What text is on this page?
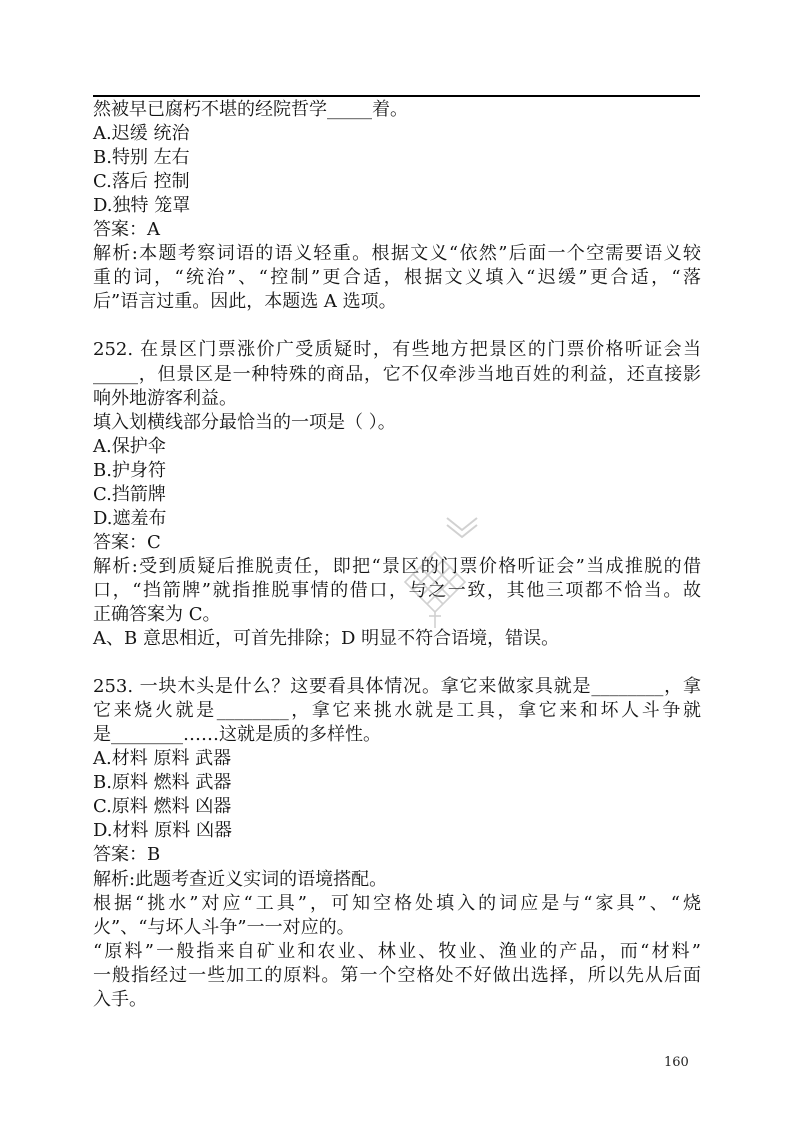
然被早已腐朽不堪的经院哲学_____着。
A.迟缓 统治
B.特别 左右
C.落后 控制
D.独特 笼罩
答案：A
解析:本题考察词语的语义轻重。根据文义“依然”后面一个空需要语义较
重的词，“统治”、“控制”更合适，根据文义填入“迟缓”更合适，“落
后”语言过重。因此，本题选 A 选项。
252. 在景区门票涨价广受质疑时，有些地方把景区的门票价格听证会当
_____，但景区是一种特殊的商品，它不仅牵涉当地百姓的利益，还直接影
响外地游客利益。
填入划横线部分最恰当的一项是（ ）。
A.保护伞
B.护身符
C.挡箭牌
D.遮羞布
答案：C
解析:受到质疑后推脱责任，即把“景区的门票价格听证会”当成推脱的借
口，“挡箭牌”就指推脱事情的借口，与之一致，其他三项都不恰当。故
正确答案为 C。
A、B 意思相近，可首先排除；D 明显不符合语境，错误。
253. 一块木头是什么？这要看具体情况。拿它来做家具就是________，拿
它来烧火就是________，拿它来挑水就是工具，拿它来和坏人斗争就
是________……这就是质的多样性。
A.材料 原料 武器
B.原料 燃料 武器
C.原料 燃料 凶器
D.材料 原料 凶器
答案：B
解析:此题考查近义实词的语境搭配。
根据“挑水”对应“工具”，可知空格处填入的词应是与“家具”、“烧
火”、“与坏人斗争”一一对应的。
“原料”一般指来自矿业和农业、林业、牧业、渔业的产品，而“材料”
一般指经过一些加工的原料。第一个空格处不好做出选择，所以先从后面
入手。
160
